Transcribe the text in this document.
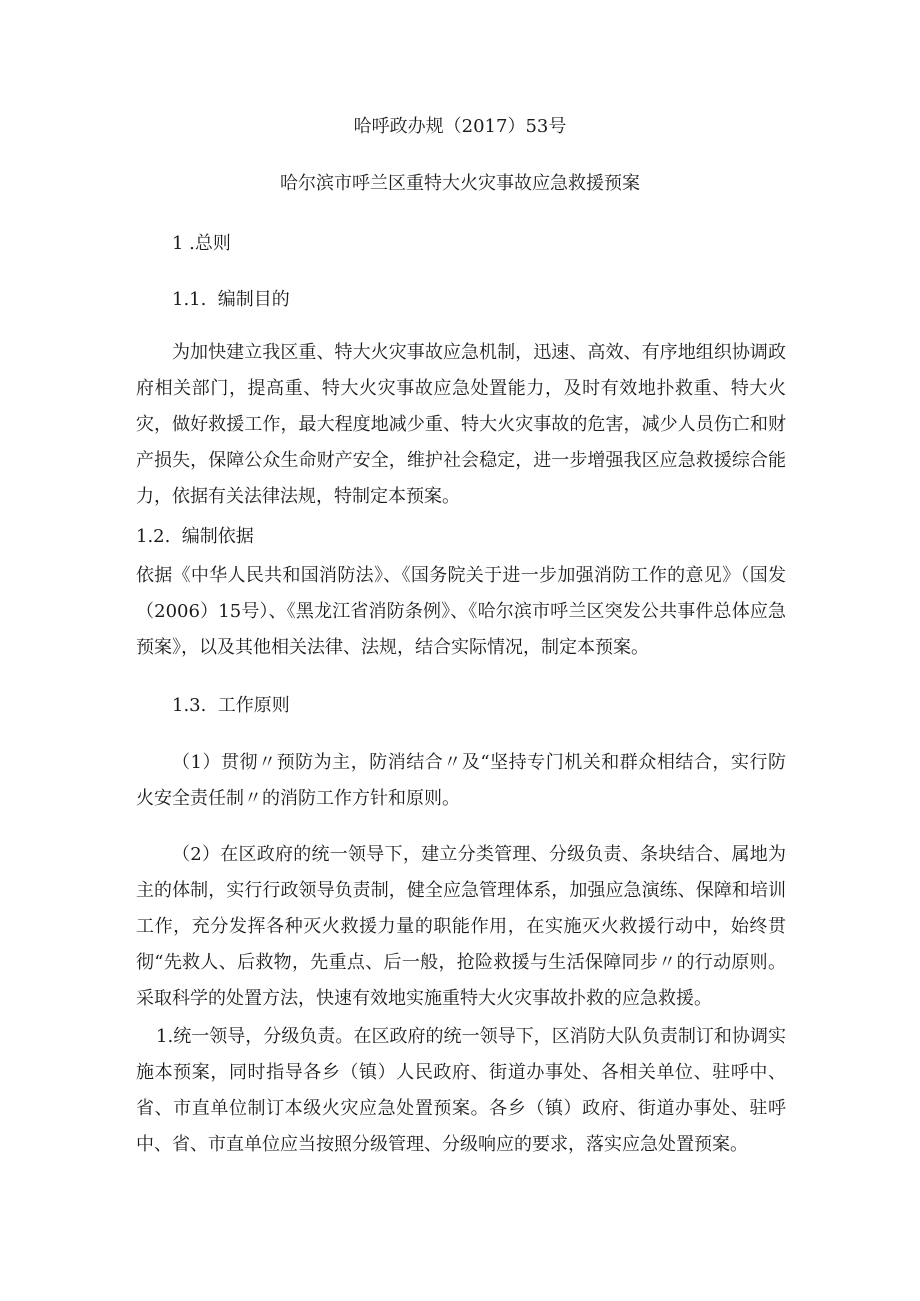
哈呼政办规（2017）53号
哈尔滨市呼兰区重特大火灾事故应急救援预案
1 .总则
1.1.  编制目的
为加快建立我区重、特大火灾事故应急机制，迅速、高效、有序地组织协调政府相关部门，提高重、特大火灾事故应急处置能力，及时有效地扑救重、特大火灾，做好救援工作，最大程度地减少重、特大火灾事故的危害，减少人员伤亡和财产损失，保障公众生命财产安全，维护社会稳定，进一步增强我区应急救援综合能力，依据有关法律法规，特制定本预案。
1.2.  编制依据
依据《中华人民共和国消防法》、《国务院关于进一步加强消防工作的意见》（国发（2006）15号）、《黑龙江省消防条例》、《哈尔滨市呼兰区突发公共事件总体应急预案》，以及其他相关法律、法规，结合实际情况，制定本预案。
1.3.  工作原则
（1）贯彻〃预防为主，防消结合〃及“坚持专门机关和群众相结合，实行防火安全责任制〃的消防工作方针和原则。
（2）在区政府的统一领导下，建立分类管理、分级负责、条块结合、属地为主的体制，实行行政领导负责制，健全应急管理体系，加强应急演练、保障和培训工作，充分发挥各种灭火救援力量的职能作用，在实施灭火救援行动中，始终贯彻“先救人、后救物，先重点、后一般，抢险救援与生活保障同步〃的行动原则。采取科学的处置方法，快速有效地实施重特大火灾事故扑救的应急救援。
1.统一领导，分级负责。在区政府的统一领导下，区消防大队负责制订和协调实施本预案，同时指导各乡（镇）人民政府、街道办事处、各相关单位、驻呼中、省、市直单位制订本级火灾应急处置预案。各乡（镇）政府、街道办事处、驻呼中、省、市直单位应当按照分级管理、分级响应的要求，落实应急处置预案。
